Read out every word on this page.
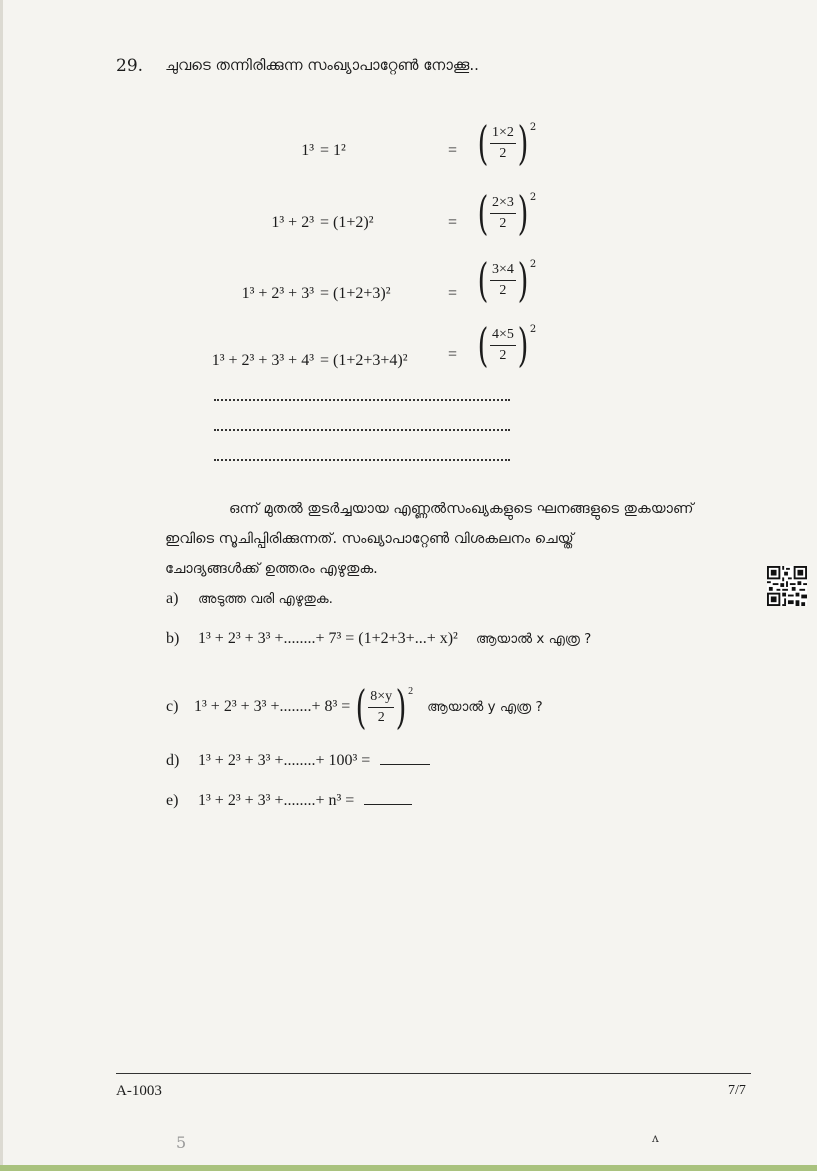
29. ചുവടെ തന്നിരിക്കുന്ന സംഖ്യാപാറ്റേൺ നോക്കൂ..
1³ = 1²	= ( $\frac{1\times 2}{2}$ ) 2
1³ + 2³ = (1+2)²	= ( $\frac{2\times 3}{2}$ ) 2
1³ + 2³ + 3³ = (1+2+3)²	= ( $\frac{3\times 4}{2}$ ) 2
1³ + 2³ + 3³ + 4³ = (1+2+3+4)²	= ( $\frac{4\times 5}{2}$ ) 2

ഒന്ന് മുതൽ തുടർച്ചയായ എണ്ണൽസംഖ്യകളുടെ ഘനങ്ങളുടെ തുകയാണ്

ഇവിടെ സൂചിപ്പിരിക്കുന്നത്. സംഖ്യാപാറ്റേൺ വിശകലനം ചെയ്ത്

ചോദ്യങ്ങൾക്ക് ഉത്തരം എഴുതുക.

a) അടുത്ത വരി എഴുതുക.
b) 1³ + 2³ + 3³ +........+ 7³ = (1+2+3+...+ x)² ആയാൽ x എത്ര ?
c) 1³ + 2³ + 3³ +........+ 8³ = ( $\frac{8\times y}{2}$ ) 2
ആയാൽ y എത്ര ?
d) 1³ + 2³ + 3³ +........+ 100³ =
e) 1³ + 2³ + 3³ +........+ n³ =
A-1003	7/7
5	ʌ
